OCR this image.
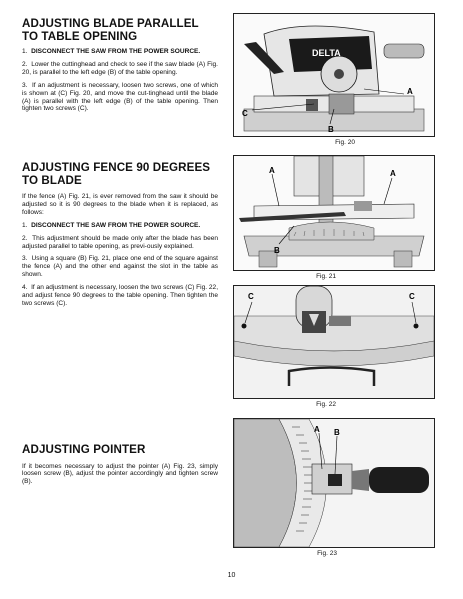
ADJUSTING BLADE PARALLEL
TO TABLE OPENING

1. DISCONNECT THE SAW FROM THE POWER SOURCE.

2. Lower the cuttinghead and check to see if the saw blade (A) Fig. 20, is parallel to the left edge (B) of the table opening.

3. If an adjustment is necessary, loosen two screws, one of which is shown at (C) Fig. 20, and move the cut-tinghead until the blade (A) is parallel with the left edge (B) of the table opening. Then tighten two screws (C).

ADJUSTING FENCE 90 DEGREES
TO BLADE

If the fence (A) Fig. 21, is ever removed from the saw it should be adjusted so it is 90 degrees to the blade when it is replaced, as follows:

1. DISCONNECT THE SAW FROM THE POWER SOURCE.

2. This adjustment should be made only after the blade has been adjusted parallel to table opening, as previ-ously explained.

3. Using a square (B) Fig. 21, place one end of the square against the fence (A) and the other end against the slot in the table as shown.

4. If an adjustment is necessary, loosen the two screws (C) Fig. 22, and adjust fence 90 degrees to the table opening. Then tighten the two screws (C).

ADJUSTING POINTER

If it becomes necessary to adjust the pointer (A) Fig. 23, simply loosen screw (B), adjust the pointer accordingly and tighten screw (B).

DELTA
A
C
B
Fig. 20
A	A
B
Fig. 21
C	C
Fig. 22
A B
Fig. 23
10
